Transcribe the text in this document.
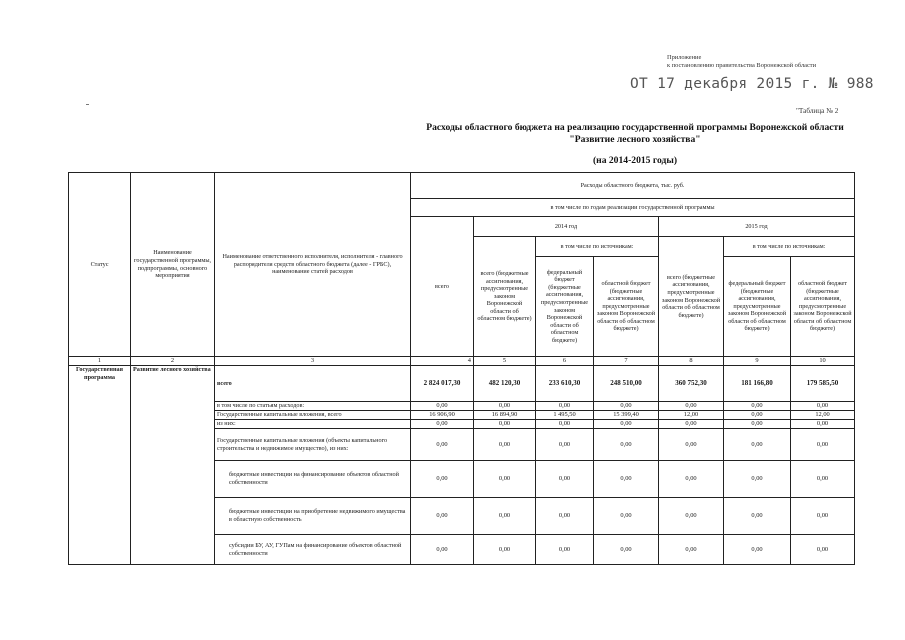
Приложение
к постановлению правительства Воронежской области
ОТ 17 декабря 2015 г. № 988
"Таблица № 2
Расходы областного бюджета на реализацию государственной программы Воронежской области
"Развитие лесного хозяйства"
(на 2014-2015 годы)
Статус	Наименование государственной программы, подпрограммы, основного мероприятия	Наименование ответственного исполнителя, исполнителя - главного распорядителя средств областного бюджета (далее - ГРБС), наименование статей расходов	Расходы областного бюджета, тыс. руб.						
			в том числе по годам реализации государственной программы						
			всего	2014 год			2015 год		
				всего (бюджетные ассигнования, предусмотренные законом Воронежской области об областном бюджете)	в том числе по источникам:		всего (бюджетные ассигнования, предусмотренные законом Воронежской области об областном бюджете)	в том числе по источникам:	
					федеральный бюджет (бюджетные ассигнования, предусмотренные законом Воронежской области об областном бюджете)	областной бюджет (бюджетные ассигнования, предусмотренные законом Воронежской области об областном бюджете)		федеральный бюджет (бюджетные ассигнования, предусмотренные законом Воронежской области об областном бюджете)	областной бюджет (бюджетные ассигнования, предусмотренные законом Воронежской области об областном бюджете)
1	2	3	4	5	6	7	8	9	10
Государственная программа	Развитие лесного хозяйства	всего	2 824 017,30	482 120,30	233 610,30	248 510,00	360 752,30	181 166,80	179 585,50
		в том числе по статьям расходов:	0,00	0,00	0,00	0,00	0,00	0,00	0,00
		Государственные капитальные вложения, всего	16 906,90	16 894,90	1 495,50	15 399,40	12,00	0,00	12,00
		из них:	0,00	0,00	0,00	0,00	0,00	0,00	0,00
		Государственные капитальные вложения (объекты капитального строительства и недвижимое имущество), из них:	0,00	0,00	0,00	0,00	0,00	0,00	0,00
		бюджетные инвестиции на финансирование объектов областной собственности	0,00	0,00	0,00	0,00	0,00	0,00	0,00
		бюджетные инвестиции на приобретение недвижимого имущества в областную собственность	0,00	0,00	0,00	0,00	0,00	0,00	0,00
		субсидии БУ, АУ, ГУПам на финансирование объектов областной собственности	0,00	0,00	0,00	0,00	0,00	0,00	0,00
